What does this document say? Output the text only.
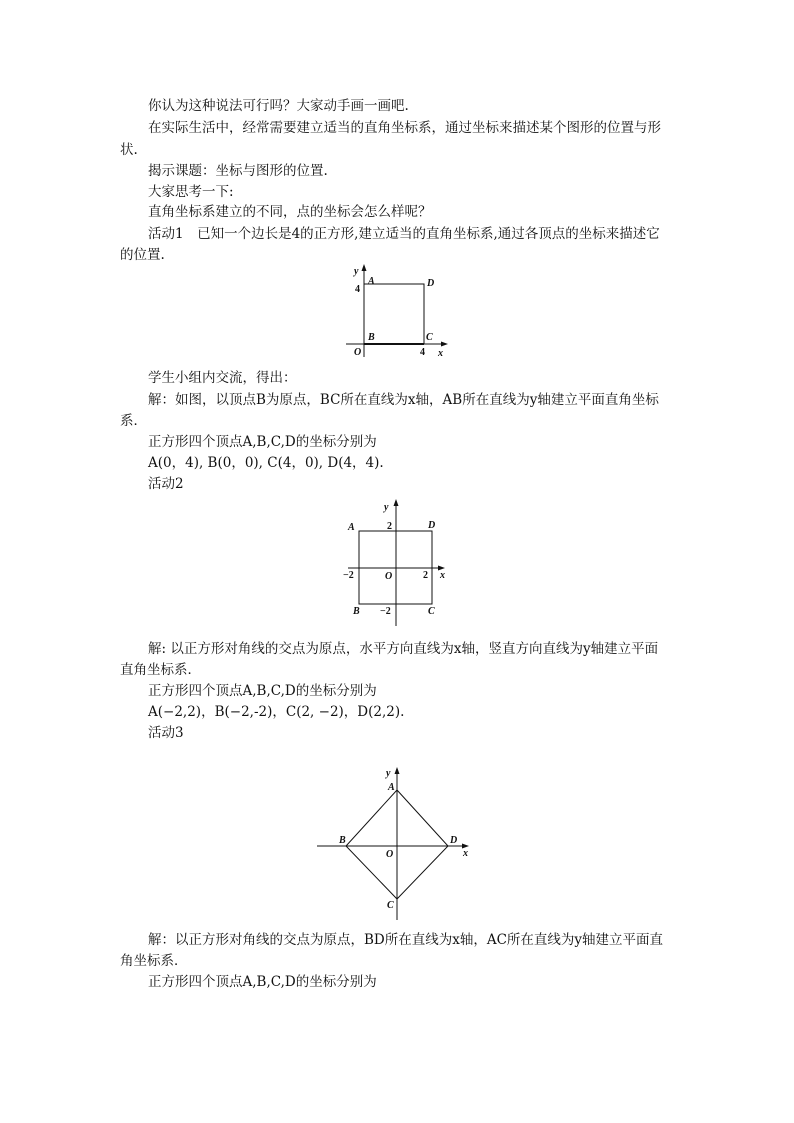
你认为这种说法可行吗？大家动手画一画吧.
在实际生活中，经常需要建立适当的直角坐标系，通过坐标来描述某个图形的位置与形
状.
揭示课题：坐标与图形的位置.
大家思考一下:
直角坐标系建立的不同，点的坐标会怎么样呢？
活动1　已知一个边长是4的正方形,建立适当的直角坐标系,通过各顶点的坐标来描述它
的位置.
学生小组内交流，得出：
解：如图，以顶点B为原点，BC所在直线为x轴，AB所在直线为y轴建立平面直角坐标
系．
正方形四个顶点A,B,C,D的坐标分别为
A(0，4), B(0，0), C(4，0), D(4，4).
活动2
解: 以正方形对角线的交点为原点，水平方向直线为x轴，竖直方向直线为y轴建立平面
直角坐标系．
正方形四个顶点A,B,C,D的坐标分别为
A(−2,2)，B(−2,-2)，C(2, −2)，D(2,2).
活动3
解：以正方形对角线的交点为原点，BD所在直线为x轴，AC所在直线为y轴建立平面直
角坐标系．
正方形四个顶点A,B,C,D的坐标分别为
y
x
O
4
4
A	D
B	C
y
x
O
2
2
−2
−2
A	D
B	C
y
x
O
A
B
C
D
